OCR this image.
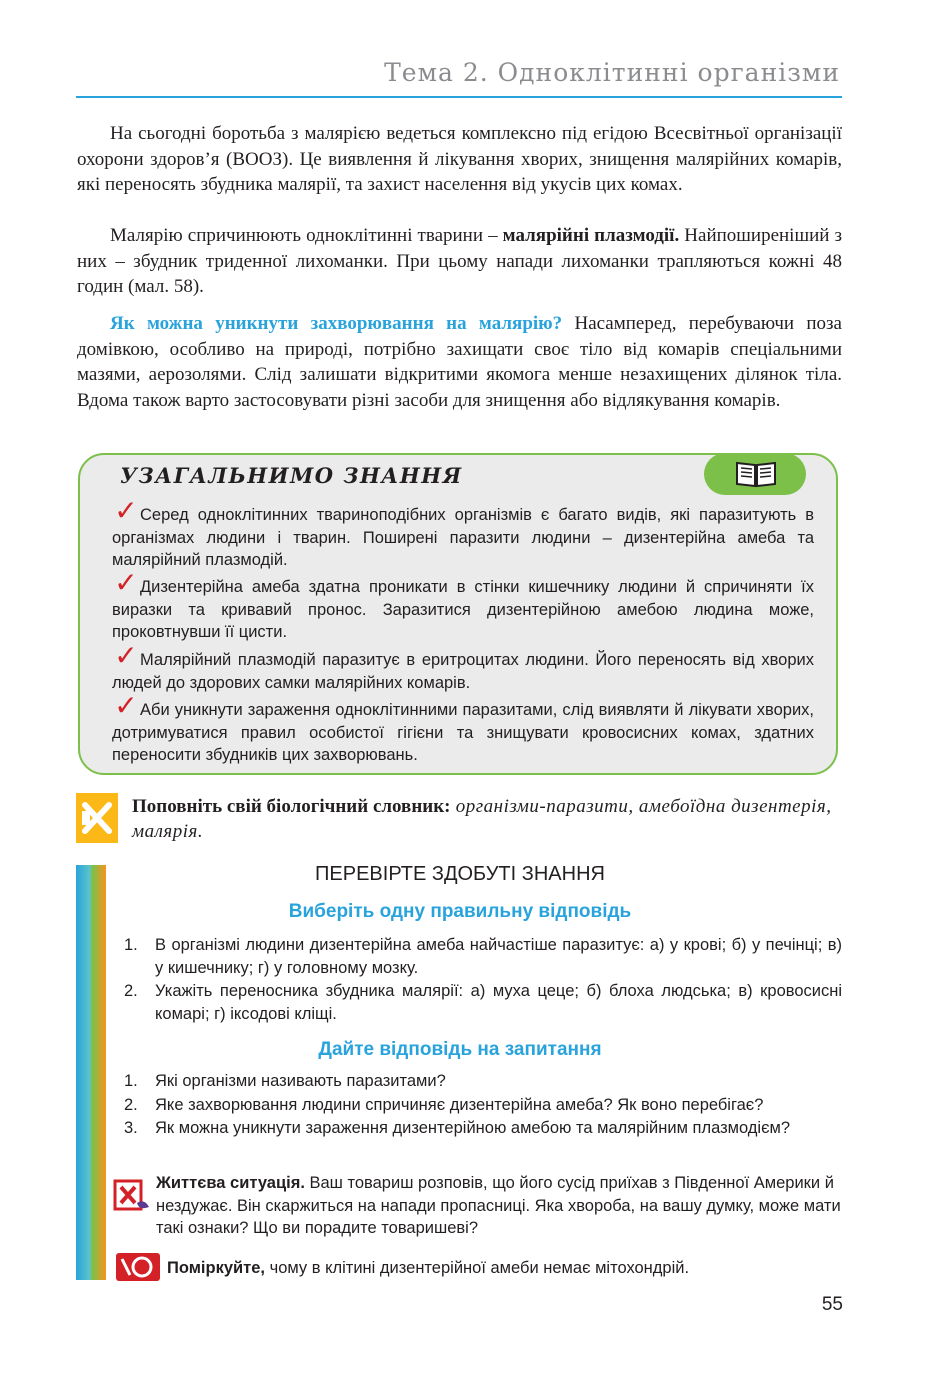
Тема 2. Одноклітинні організми
На сьогодні боротьба з малярією ведеться комплексно під егідою Всесвітньої організації охорони здоров’я (ВООЗ). Це виявлення й лікування хворих, знищення малярійних комарів, які переносять збудника малярії, та захист населення від укусів цих комах.
Малярію спричинюють одноклітинні тварини – малярійні плазмодії. Найпоширеніший з них – збудник триденної лихоманки. При цьому напади лихоманки трапляються кожні 48 годин (мал. 58).
Як можна уникнути захворювання на малярію? Насамперед, перебуваючи поза домівкою, особливо на природі, потрібно захищати своє тіло від комарів спеціальними мазями, аерозолями. Слід залишати відкритими якомога менше незахищених ділянок тіла. Вдома також варто застосовувати різні засоби для знищення або відлякування комарів.
УЗАГАЛЬНИМО ЗНАННЯ
✓ Серед одноклітинних тваринoподібних організмів є багато видів, які паразитують в організмах людини і тварин. Поширені паразити людини – дизентерійна амеба та малярійний плазмодій.
✓ Дизентерійна амеба здатна проникати в стінки кишечнику людини й спричиняти їх виразки та кривавий пронос. Заразитися дизентерійною амебою людина може, проковтнувши її цисти.
✓ Малярійний плазмодій паразитує в еритроцитах людини. Його переносять від хворих людей до здорових самки малярійних комарів.
✓ Аби уникнути зараження одноклітинними паразитами, слід виявляти й лікувати хворих, дотримуватися правил особистої гігієни та знищувати кровосисних комах, здатних переносити збудників цих захворювань.
Поповніть свій біологічний словник: організми-паразити, амебоїдна дизентерія, малярія.
ПЕРЕВІРТЕ ЗДОБУТІ ЗНАННЯ
Виберіть одну правильну відповідь
1. В організмі людини дизентерійна амеба найчастіше паразитує: а) у крові; б) у печінці; в) у кишечнику; г) у головному мозку.
2. Укажіть переносника збудника малярії: а) муха цеце; б) блоха людська; в) кровосисні комарі; г) іксодові кліщі.
Дайте відповідь на запитання
1. Які організми називають паразитами?
2. Яке захворювання людини спричиняє дизентерійна амеба? Як воно перебігає?
3. Як можна уникнути зараження дизентерійною амебою та малярійним плазмодієм?
Життєва ситуація. Ваш товариш розповів, що його сусід приїхав з Південної Америки й нездужає. Він скаржиться на напади пропасниці. Яка хвороба, на вашу думку, може мати такі ознаки? Що ви порадите товаришеві?
Поміркуйте, чому в клітині дизентерійної амеби немає мітохондрій.
55
